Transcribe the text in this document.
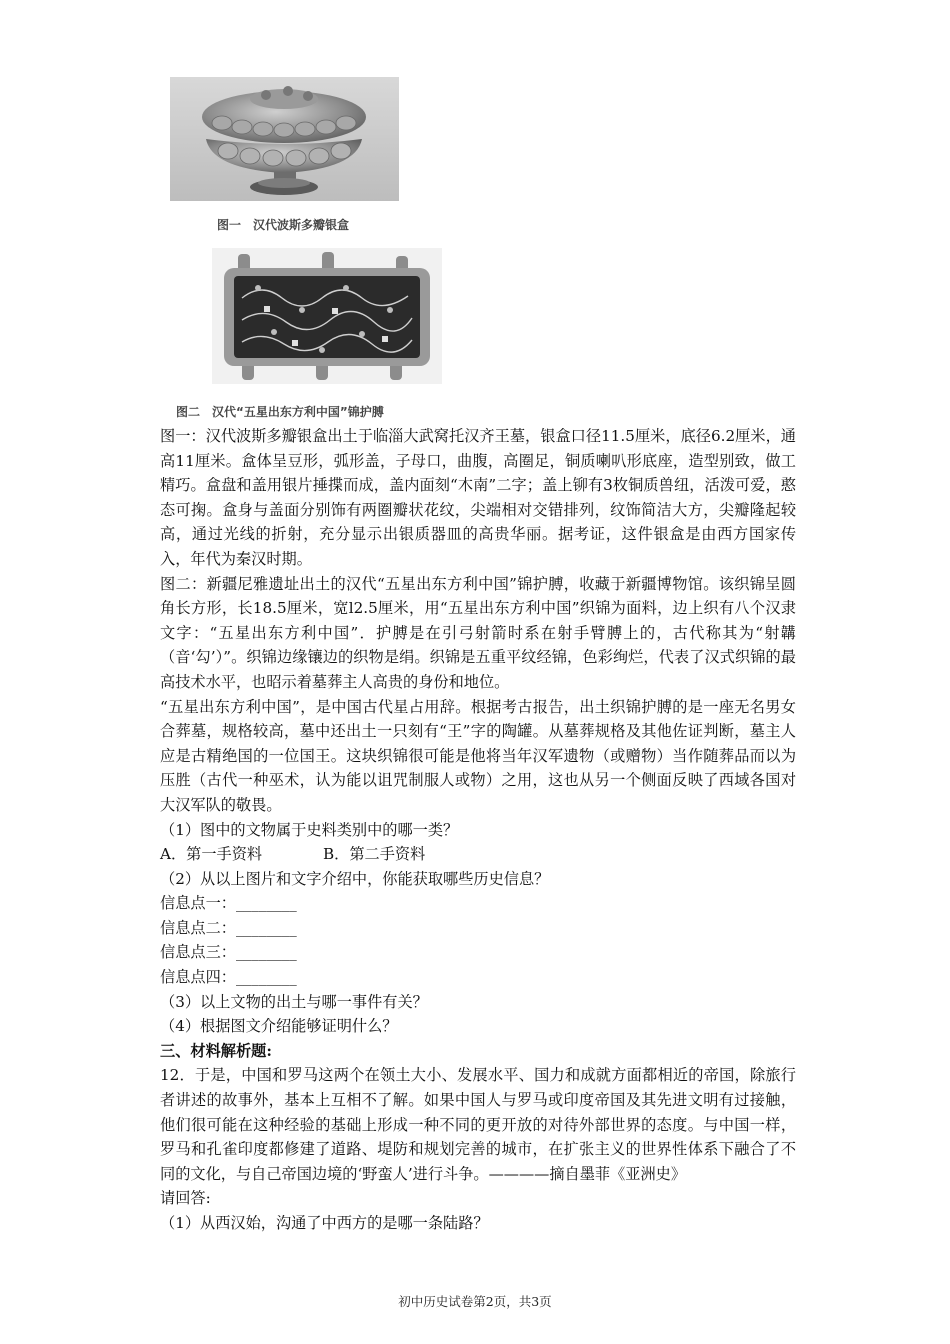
图一　汉代波斯多瓣银盒
图二　汉代“五星出东方利中国”锦护膊

图一：汉代波斯多瓣银盒出土于临淄大武窝托汉齐王墓，银盒口径11.5厘米，底径6.2厘米，通高11厘米。盒体呈豆形，弧形盖，子母口，曲腹，高圈足，铜质喇叭形底座，造型别致，做工精巧。盒盘和盖用银片捶揲而成，盖内面刻“木南”二字；盖上铆有3枚铜质兽纽，活泼可爱，憨态可掬。盒身与盖面分别饰有两圈瓣状花纹，尖端相对交错排列，纹饰简洁大方，尖瓣隆起较高，通过光线的折射，充分显示出银质器皿的高贵华丽。据考证，这件银盒是由西方国家传入，年代为秦汉时期。

图二：新疆尼雅遗址出土的汉代“五星出东方利中国”锦护膊，收藏于新疆博物馆。该织锦呈圆角长方形，长18.5厘米，宽l2.5厘米，用“五星出东方利中国”织锦为面料，边上织有八个汉隶文字：“五星出东方利中国”．护膊是在引弓射箭时系在射手臂膊上的，古代称其为“射韝（音‘勾’）”。织锦边缘镶边的织物是绢。织锦是五重平纹经锦，色彩绚烂，代表了汉式织锦的最高技术水平，也昭示着墓葬主人高贵的身份和地位。

“五星出东方利中国”，是中国古代星占用辞。根据考古报告，出土织锦护膊的是一座无名男女合葬墓，规格较高，墓中还出土一只刻有“王”字的陶罐。从墓葬规格及其他佐证判断，墓主人应是古精绝国的一位国王。这块织锦很可能是他将当年汉军遗物（或赠物）当作随葬品而以为压胜（古代一种巫术，认为能以诅咒制服人或物）之用，这也从另一个侧面反映了西域各国对大汉军队的敬畏。

（1）图中的文物属于史料类别中的哪一类？

A．第一手资料	B．第二手资料

（2）从以上图片和文字介绍中，你能获取哪些历史信息？

信息点一：________

信息点二：________

信息点三：________

信息点四：________

（3）以上文物的出土与哪一事件有关？

（4）根据图文介绍能够证明什么？

三、材料解析题:

12．于是，中国和罗马这两个在领土大小、发展水平、国力和成就方面都相近的帝国，除旅行者讲述的故事外，基本上互相不了解。如果中国人与罗马或印度帝国及其先进文明有过接触，他们很可能在这种经验的基础上形成一种不同的更开放的对待外部世界的态度。与中国一样，罗马和孔雀印度都修建了道路、堤防和规划完善的城市，在扩张主义的世界性体系下融合了不同的文化，与自己帝国边境的‘野蛮人’进行斗争。————摘自墨菲《亚洲史》

请回答:

（1）从西汉始，沟通了中西方的是哪一条陆路？

初中历史试卷第2页，共3页
